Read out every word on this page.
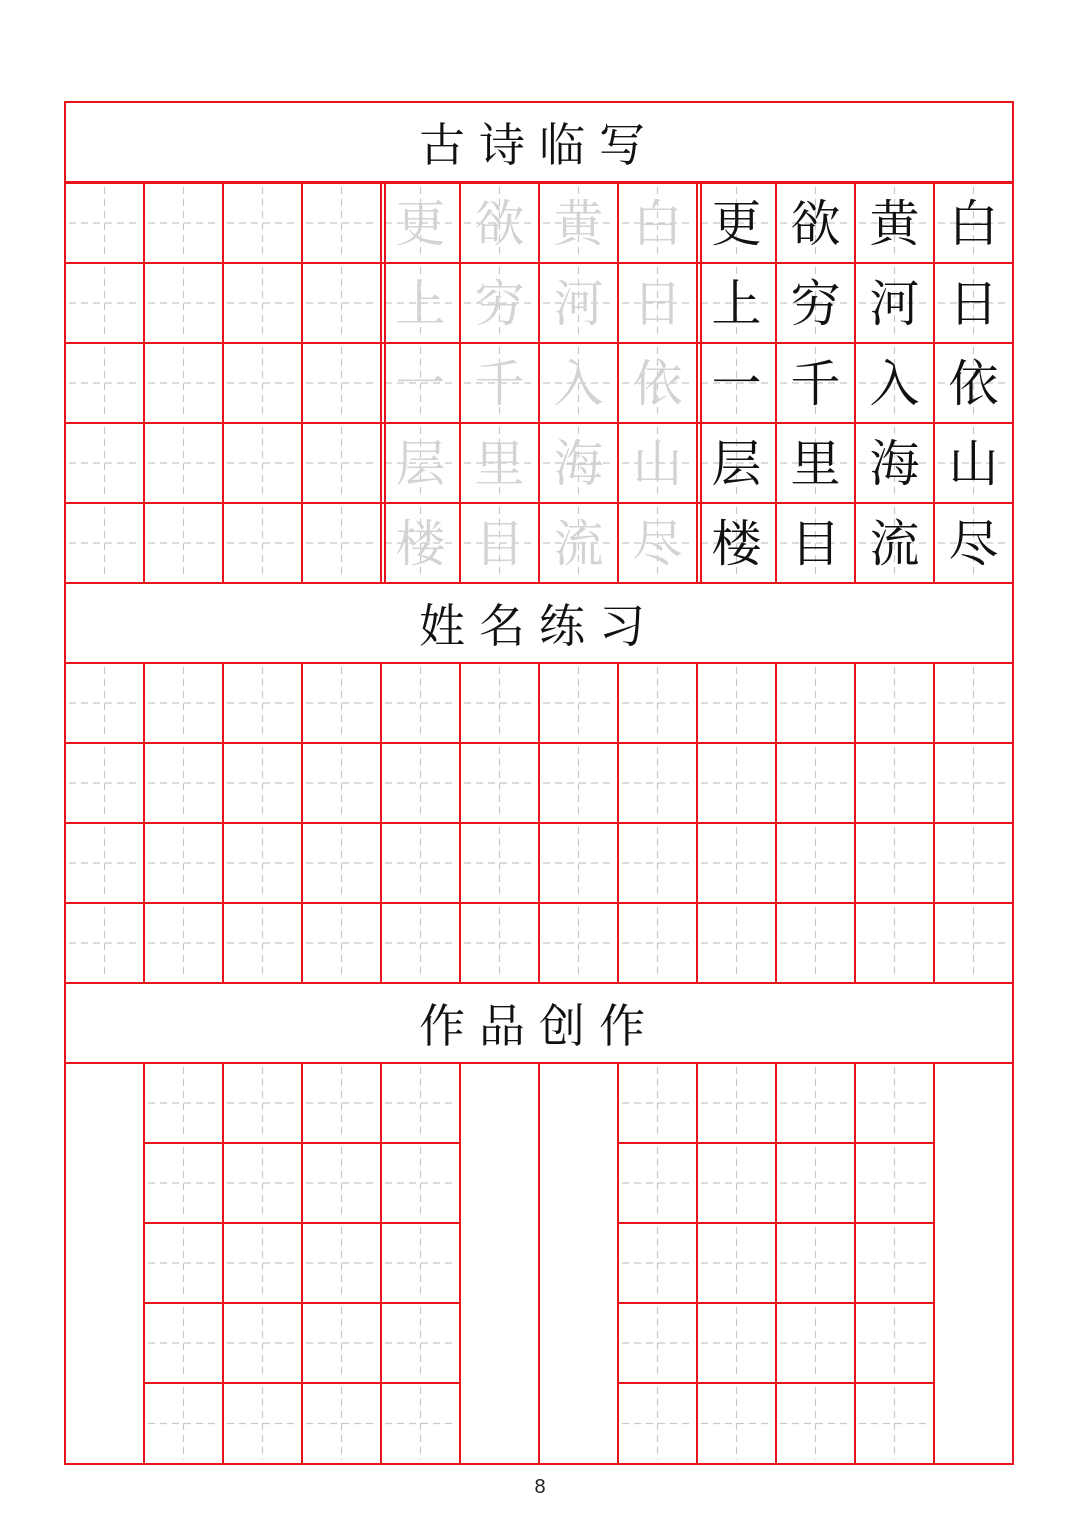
白
日
依
山
尽
黄
河
入
海
流
欲
穷
千
里
目
更
上
一
层
楼
白
日
依
山
尽
黄
河
入
海
流
欲
穷
千
里
目
更
上
一
层
楼
古诗临写
姓名练习
作品创作
8
